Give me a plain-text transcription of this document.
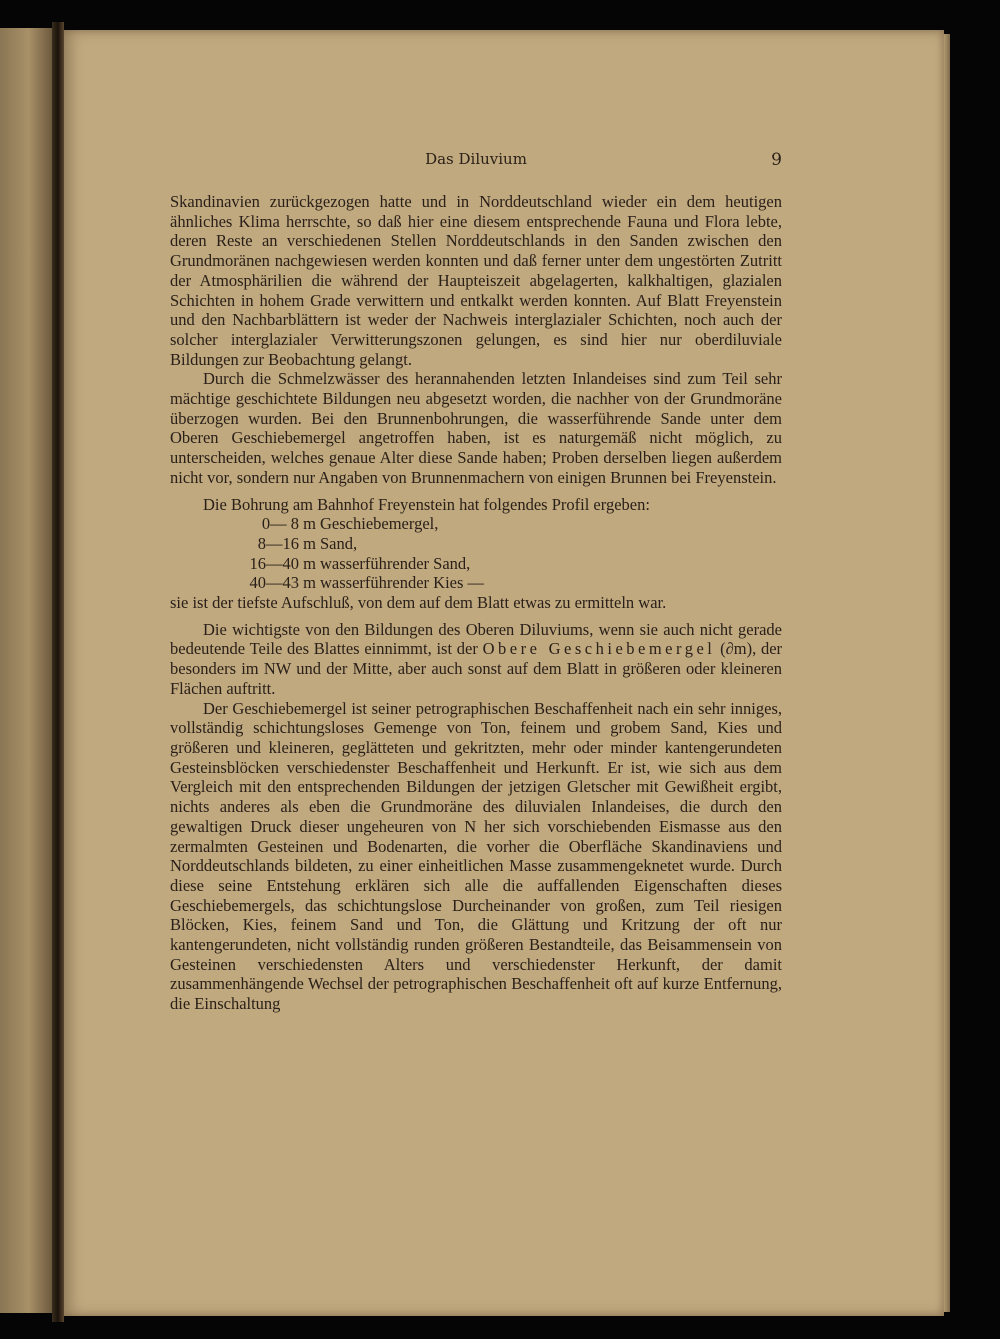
Das Diluvium	9

Skandinavien zurückgezogen hatte und in Norddeutschland wieder ein dem heutigen ähnliches Klima herrschte, so daß hier eine diesem entsprechende Fauna und Flora lebte, deren Reste an verschiedenen Stellen Norddeutschlands in den Sanden zwischen den Grundmoränen nachgewiesen werden konnten und daß ferner unter dem ungestörten Zutritt der Atmosphärilien die während der Haupteiszeit abgelagerten, kalkhaltigen, glazialen Schichten in hohem Grade verwittern und entkalkt werden konnten. Auf Blatt Freyenstein und den Nachbarblättern ist weder der Nachweis interglazialer Schichten, noch auch der solcher interglazialer Verwitterungszonen gelungen, es sind hier nur oberdiluviale Bildungen zur Beobachtung gelangt.

Durch die Schmelzwässer des herannahenden letzten Inlandeises sind zum Teil sehr mächtige geschichtete Bildungen neu abgesetzt worden, die nachher von der Grundmoräne überzogen wurden. Bei den Brunnenbohrungen, die wasserführende Sande unter dem Oberen Geschiebemergel angetroffen haben, ist es naturgemäß nicht möglich, zu unterscheiden, welches genaue Alter diese Sande haben; Proben derselben liegen außerdem nicht vor, sondern nur Angaben von Brunnenmachern von einigen Brunnen bei Freyenstein.

Die Bohrung am Bahnhof Freyenstein hat folgendes Profil ergeben:

0— 8 m Geschiebemergel,
8—16 m Sand,
16—40 m wasserführender Sand,
40—43 m wasserführender Kies —

sie ist der tiefste Aufschluß, von dem auf dem Blatt etwas zu ermitteln war.

Die wichtigste von den Bildungen des Oberen Diluviums, wenn sie auch nicht gerade bedeutende Teile des Blattes einnimmt, ist der Obere Geschiebemergel (∂m), der besonders im NW und der Mitte, aber auch sonst auf dem Blatt in größeren oder kleineren Flächen auftritt.

Der Geschiebemergel ist seiner petrographischen Beschaffenheit nach ein sehr inniges, vollständig schichtungsloses Gemenge von Ton, feinem und grobem Sand, Kies und größeren und kleineren, geglätteten und gekritzten, mehr oder minder kantengerundeten Gesteinsblöcken verschiedenster Beschaffenheit und Herkunft. Er ist, wie sich aus dem Vergleich mit den entsprechenden Bildungen der jetzigen Gletscher mit Gewißheit ergibt, nichts anderes als eben die Grundmoräne des diluvialen Inlandeises, die durch den gewaltigen Druck dieser ungeheuren von N her sich vorschiebenden Eismasse aus den zermalmten Gesteinen und Bodenarten, die vorher die Oberfläche Skandinaviens und Norddeutschlands bildeten, zu einer einheitlichen Masse zusammengeknetet wurde. Durch diese seine Entstehung erklären sich alle die auffallenden Eigenschaften dieses Geschiebemergels, das schichtungslose Durcheinander von großen, zum Teil riesigen Blöcken, Kies, feinem Sand und Ton, die Glättung und Kritzung der oft nur kantengerundeten, nicht vollständig runden größeren Bestandteile, das Beisammensein von Gesteinen verschiedensten Alters und verschiedenster Herkunft, der damit zusammenhängende Wechsel der petrographischen Beschaffenheit oft auf kurze Entfernung, die Einschaltung
